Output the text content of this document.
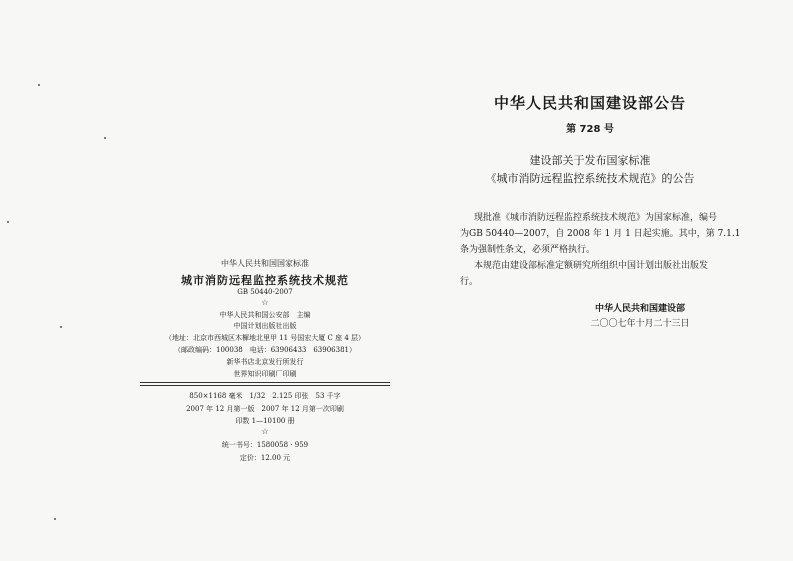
中华人民共和国国家标准
城市消防远程监控系统技术规范
GB 50440-2007
☆
中华人民共和国公安部　主编
中国计划出版社出版
（地址：北京市西城区木樨地北里甲 11 号国宏大厦 C 座 4 层）
（邮政编码：100038　电话：63906433　63906381）
新华书店北京发行所发行
世界知识印刷厂印刷
850×1168 毫米　1/32　2.125 印张　53 千字
2007 年 12 月第一版　2007 年 12 月第一次印刷
印数 1—10100 册
☆
统一书号：1580058 · 959
定价：12.00 元
中华人民共和国建设部公告
第 728 号
建设部关于发布国家标准
《城市消防远程监控系统技术规范》的公告
现批准《城市消防远程监控系统技术规范》为国家标准，编号
为GB 50440—2007，自 2008 年 1 月 1 日起实施。其中，第 7.1.1
条为强制性条文，必须严格执行。
本规范由建设部标准定额研究所组织中国计划出版社出版发
行。
中华人民共和国建设部
二〇〇七年十月二十三日
